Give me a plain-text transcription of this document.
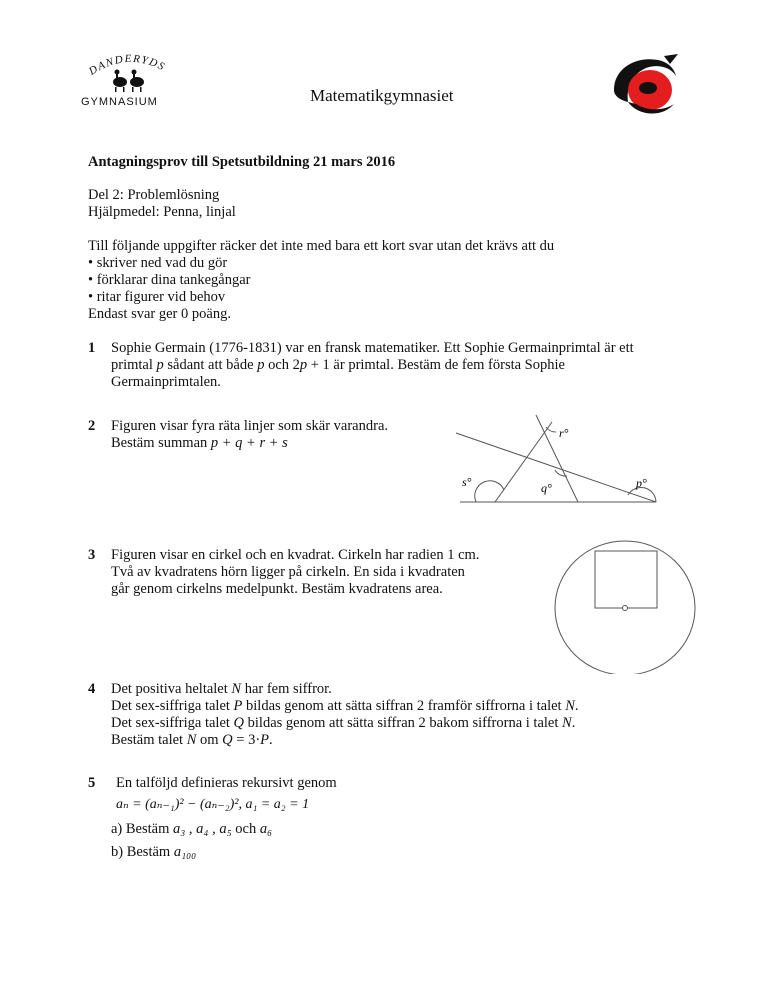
DANDERYDS
GYMNASIUM	Matematikgymnasiet
Antagningsprov till Spetsutbildning 21 mars 2016
Del 2: Problemlösning
Hjälpmedel: Penna, linjal
Till följande uppgifter räcker det inte med bara ett kort svar utan det krävs att du
• skriver ned vad du gör
• förklarar dina tankegångar
• ritar figurer vid behov
Endast svar ger 0 poäng.
1 Sophie Germain (1776-1831) var en fransk matematiker. Ett Sophie Germainprimtal är ett
primtal p sådant att både p och 2p + 1 är primtal. Bestäm de fem första Sophie
Germainprimtalen.
2 Figuren visar fyra räta linjer som skär varandra.
Bestäm summan p + q + r + s
r°
s°	q°	p°
3 Figuren visar en cirkel och en kvadrat. Cirkeln har radien 1 cm.
Två av kvadratens hörn ligger på cirkeln. En sida i kvadraten
går genom cirkelns medelpunkt. Bestäm kvadratens area.
4 Det positiva heltalet N har fem siffror.
Det sex-siffriga talet P bildas genom att sätta siffran 2 framför siffrorna i talet N.
Det sex-siffriga talet Q bildas genom att sätta siffran 2 bakom siffrorna i talet N.
Bestäm talet N om Q = 3·P.
5 En talföljd definieras rekursivt genom
aₙ = (aₙ₋₁)² − (aₙ₋₂)², a₁ = a₂ = 1
a) Bestäm a₃ , a₄ , a₅ och a₆
b) Bestäm a₁₀₀
